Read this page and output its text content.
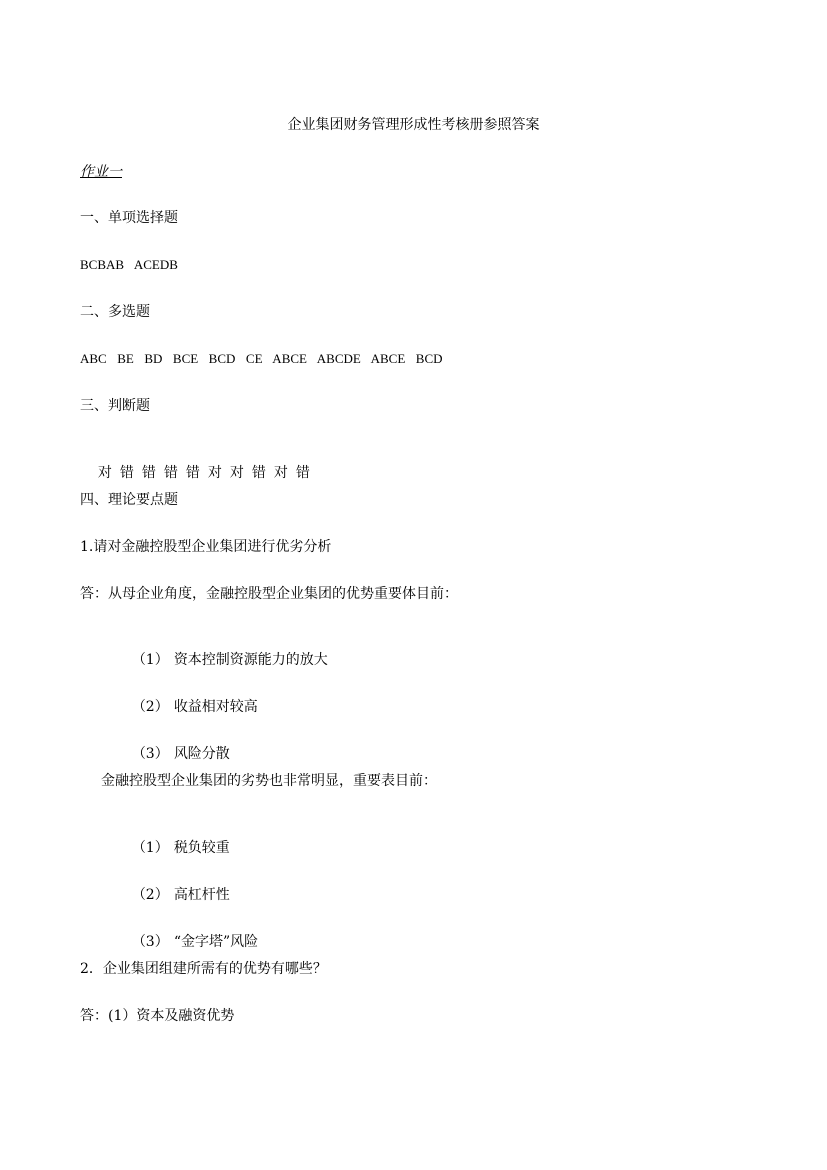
企业集团财务管理形成性考核册参照答案
作业一
一、单项选择题
BCBAB  ACEDB
二、多选题
ABC  BE  BD  BCE  BCD  CE  ABCE  ABCDE  ABCE  BCD
三、判断题

对 错 错 错 错 对 对 错 对 错

四、理论要点题
1.请对金融控股型企业集团进行优劣分析
答：从母企业角度，金融控股型企业集团的优势重要体目前：

（1） 资本控制资源能力的放大

（2） 收益相对较高

（3） 风险分散

金融控股型企业集团的劣势也非常明显，重要表目前：

（1） 税负较重

（2） 高杠杆性

（3） “金字塔”风险

2．企业集团组建所需有的优势有哪些？
答：(1）资本及融资优势
